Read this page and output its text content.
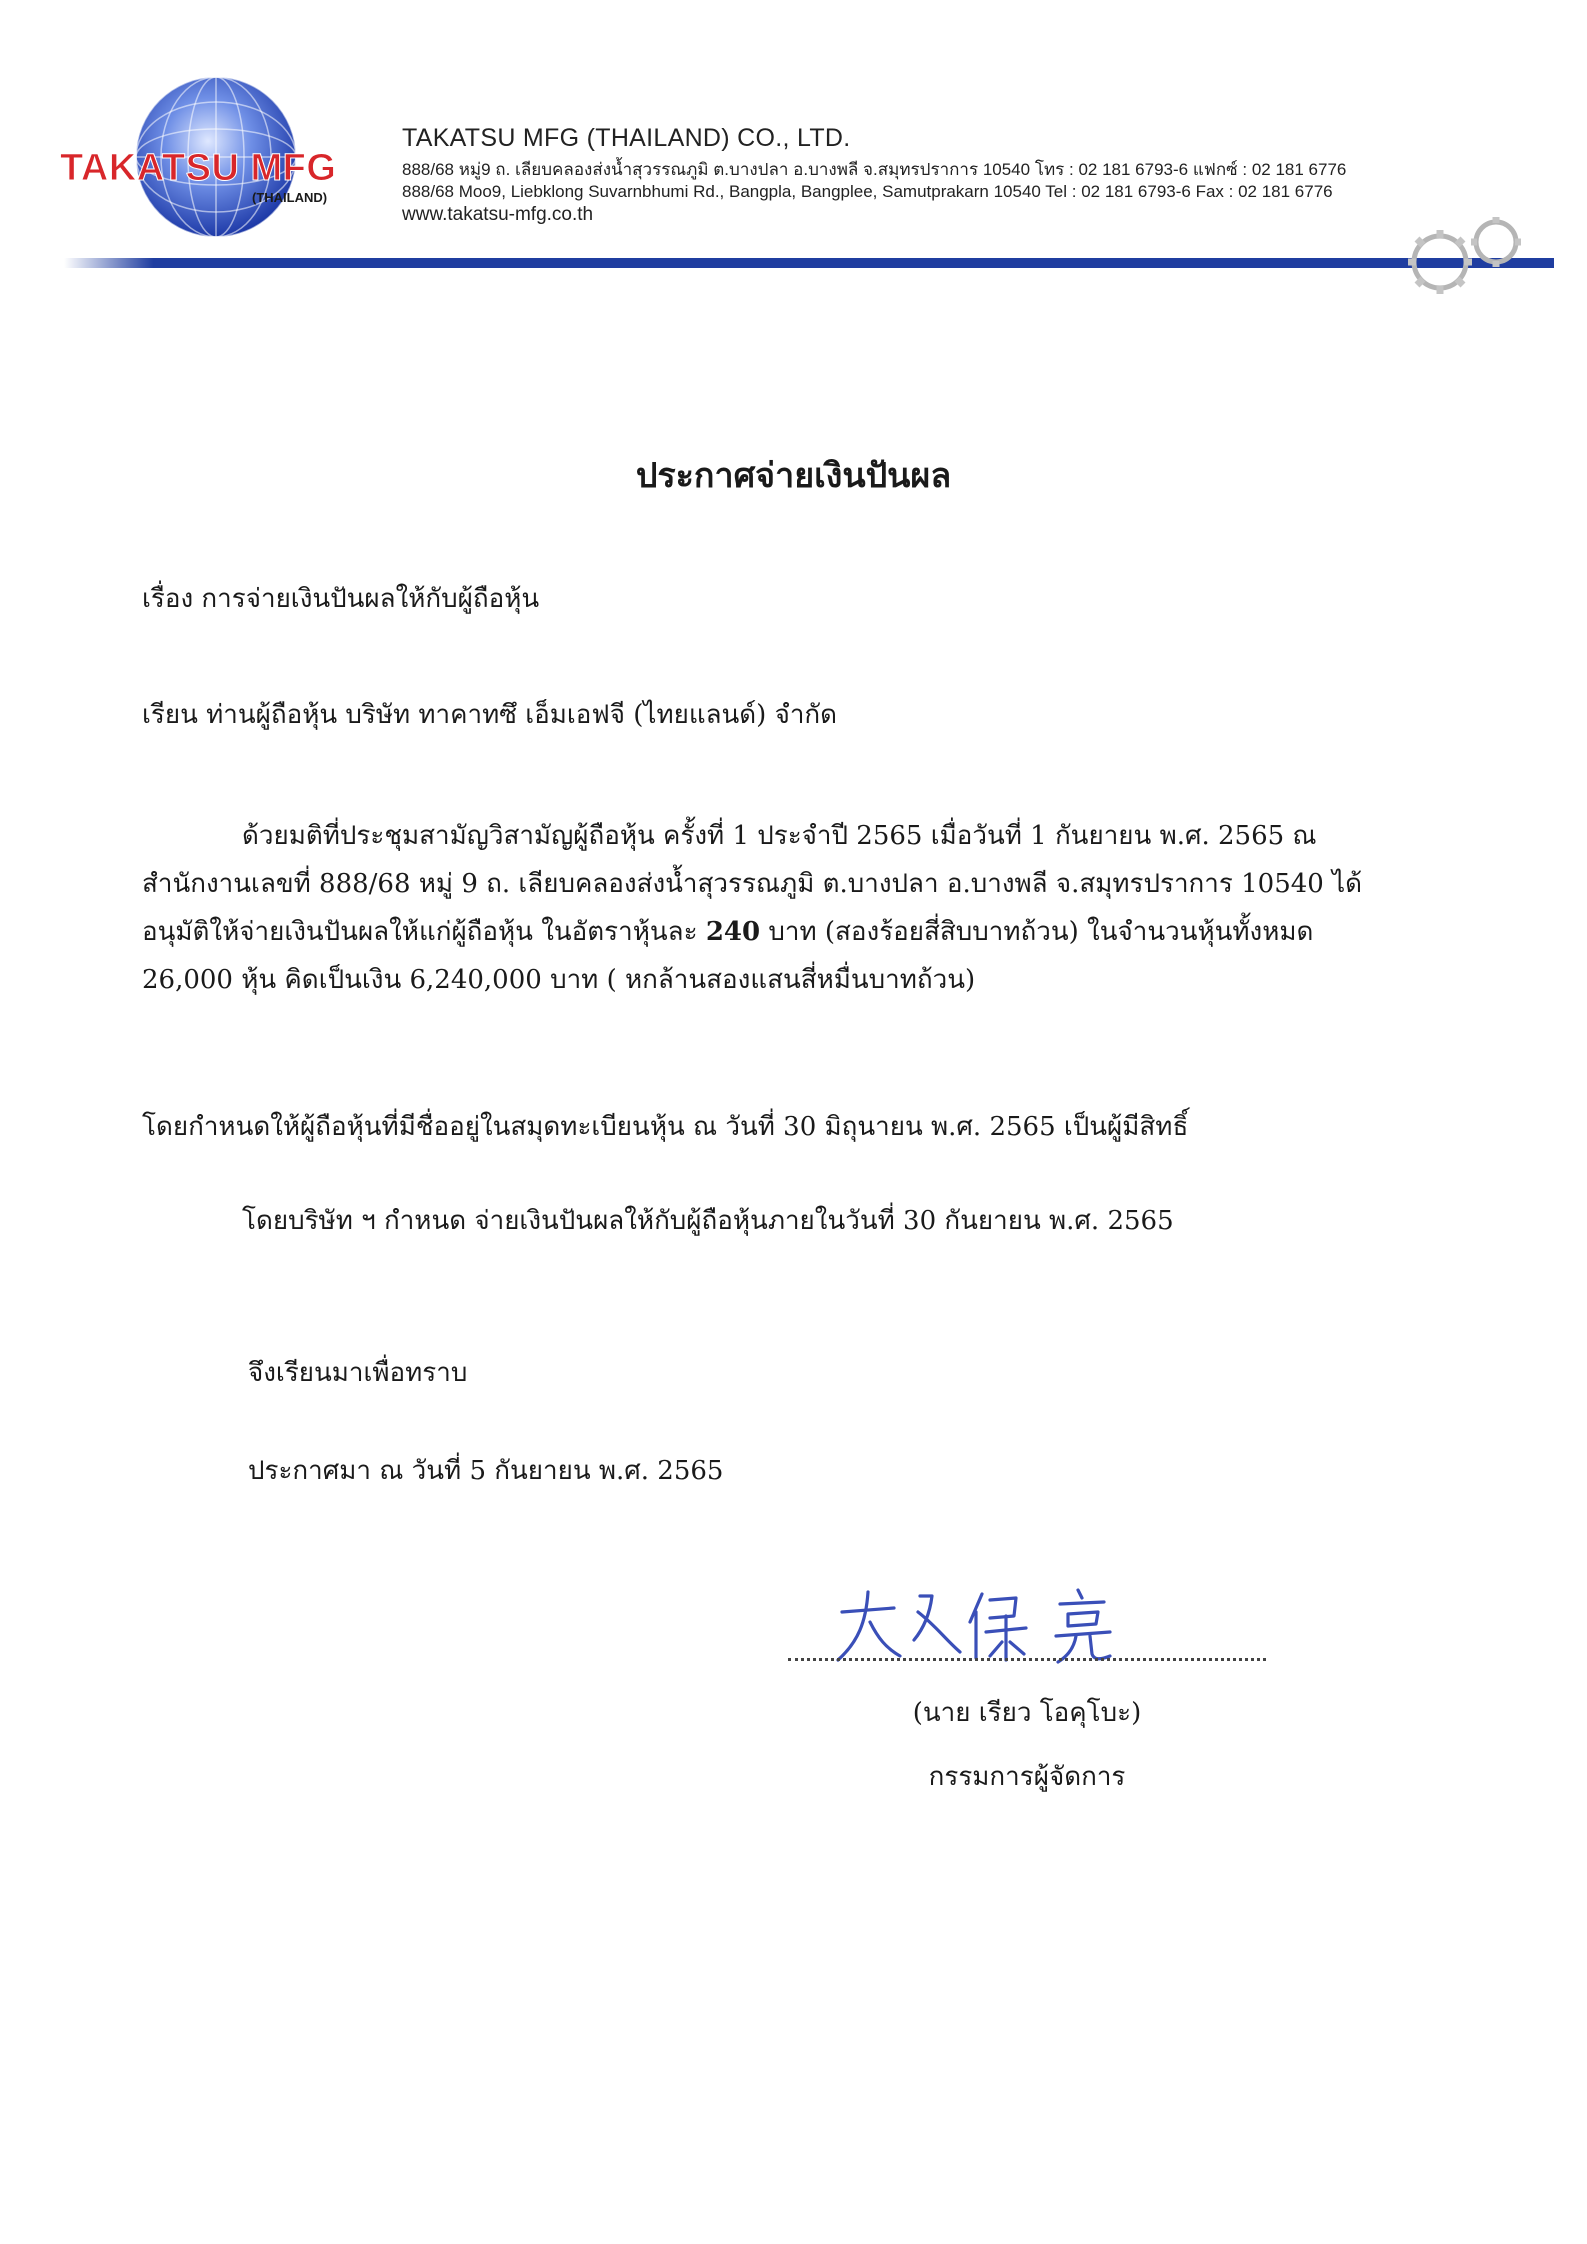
TAKATSU MFG
(THAILAND)
TAKATSU MFG (THAILAND) CO., LTD.
888/68 หมู่9 ถ. เลียบคลองส่งน้ำสุวรรณภูมิ ต.บางปลา อ.บางพลี จ.สมุทรปราการ 10540 โทร : 02 181 6793-6 แฟกซ์ : 02 181 6776
888/68 Moo9, Liebklong Suvarnbhumi Rd., Bangpla, Bangplee, Samutprakarn 10540 Tel : 02 181 6793-6 Fax : 02 181 6776
www.takatsu-mfg.co.th
ประกาศจ่ายเงินปันผล
เรื่อง การจ่ายเงินปันผลให้กับผู้ถือหุ้น
เรียน ท่านผู้ถือหุ้น บริษัท ทาคาทซึ เอ็มเอฟจี (ไทยแลนด์) จำกัด

ด้วยมติที่ประชุมสามัญวิสามัญผู้ถือหุ้น ครั้งที่ 1 ประจำปี 2565 เมื่อวันที่ 1 กันยายน พ.ศ. 2565 ณ

สำนักงานเลขที่ 888/68 หมู่ 9 ถ. เลียบคลองส่งน้ำสุวรรณภูมิ ต.บางปลา อ.บางพลี จ.สมุทรปราการ 10540 ได้

อนุมัติให้จ่ายเงินปันผลให้แก่ผู้ถือหุ้น ในอัตราหุ้นละ 240 บาท (สองร้อยสี่สิบบาทถ้วน) ในจำนวนหุ้นทั้งหมด

26,000 หุ้น คิดเป็นเงิน 6,240,000 บาท ( หกล้านสองแสนสี่หมื่นบาทถ้วน)

โดยกำหนดให้ผู้ถือหุ้นที่มีชื่ออยู่ในสมุดทะเบียนหุ้น ณ วันที่ 30 มิถุนายน พ.ศ. 2565 เป็นผู้มีสิทธิ์
โดยบริษัท ฯ กำหนด จ่ายเงินปันผลให้กับผู้ถือหุ้นภายในวันที่ 30 กันยายน พ.ศ. 2565
จึงเรียนมาเพื่อทราบ
ประกาศมา ณ วันที่ 5 กันยายน พ.ศ. 2565
(นาย เรียว โอคุโบะ)
กรรมการผู้จัดการ
